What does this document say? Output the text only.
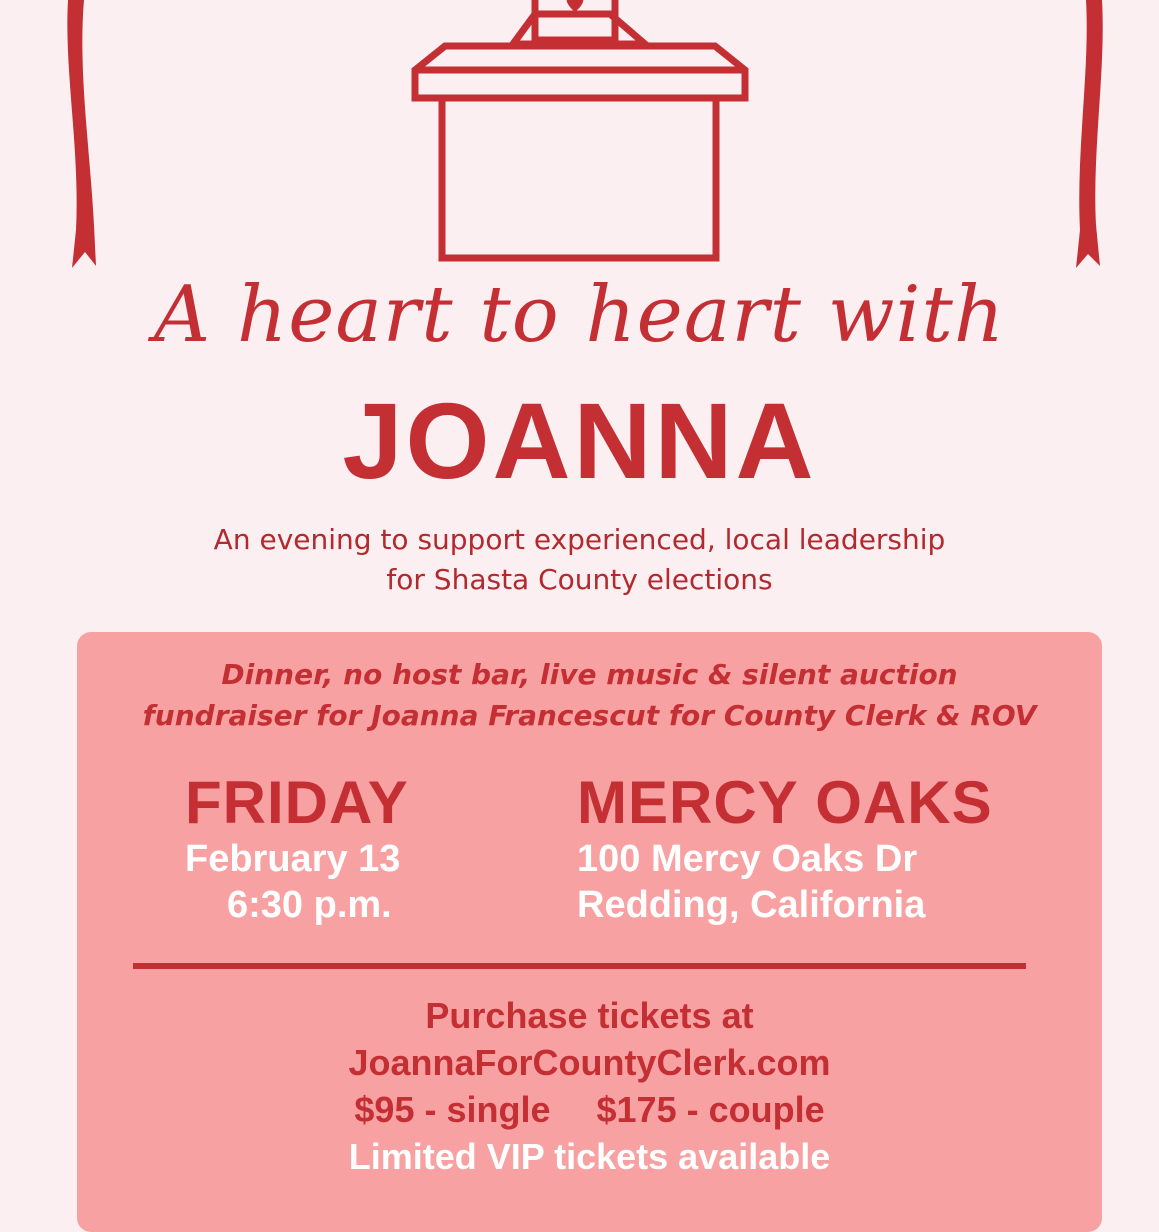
A heart to heart with
JOANNA
An evening to support experienced, local leadership
for Shasta County elections
Dinner, no host bar, live music & silent auction
fundraiser for Joanna Francescut for County Clerk & ROV
FRIDAY
February 13
6:30 p.m.
MERCY OAKS
100 Mercy Oaks Dr
Redding, California
Purchase tickets at
JoannaForCountyClerk.com
$95 - single $175 - couple
Limited VIP tickets available
